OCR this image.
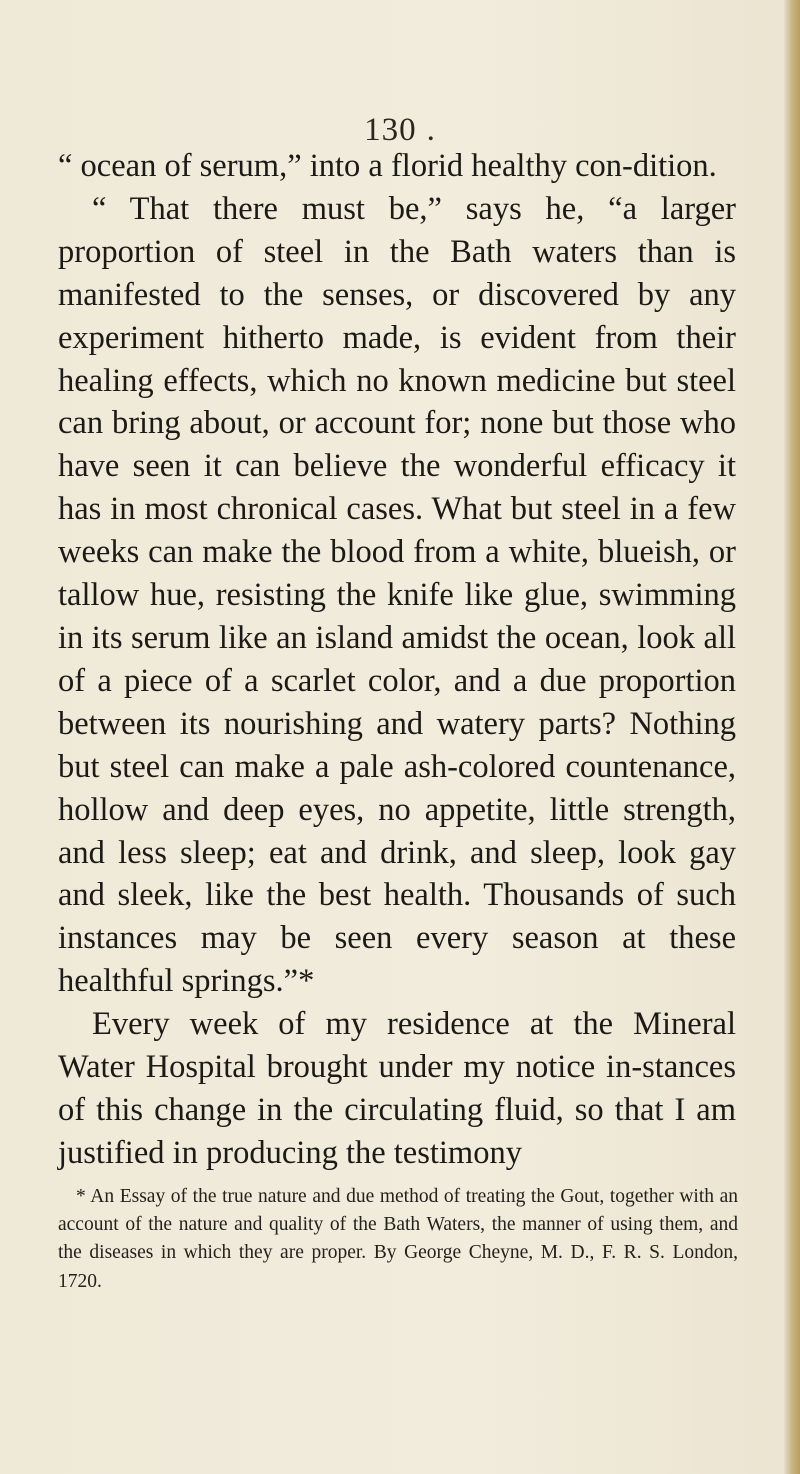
130 .

“ ocean of serum,” into a florid healthy con-dition.

“ That there must be,” says he, “a larger proportion of steel in the Bath waters than is manifested to the senses, or discovered by any experiment hitherto made, is evident from their healing effects, which no known medicine but steel can bring about, or account for; none but those who have seen it can believe the wonderful efficacy it has in most chronical cases. What but steel in a few weeks can make the blood from a white, blueish, or tallow hue, resisting the knife like glue, swimming in its serum like an island amidst the ocean, look all of a piece of a scarlet color, and a due proportion between its nourishing and watery parts? Nothing but steel can make a pale ash-colored countenance, hollow and deep eyes, no appetite, little strength, and less sleep; eat and drink, and sleep, look gay and sleek, like the best health. Thousands of such instances may be seen every season at these healthful springs.”*

Every week of my residence at the Mineral Water Hospital brought under my notice in-stances of this change in the circulating fluid, so that I am justified in producing the testimony

* An Essay of the true nature and due method of treating the Gout, together with an account of the nature and quality of the Bath Waters, the manner of using them, and the diseases in which they are proper. By George Cheyne, M. D., F. R. S. London, 1720.
